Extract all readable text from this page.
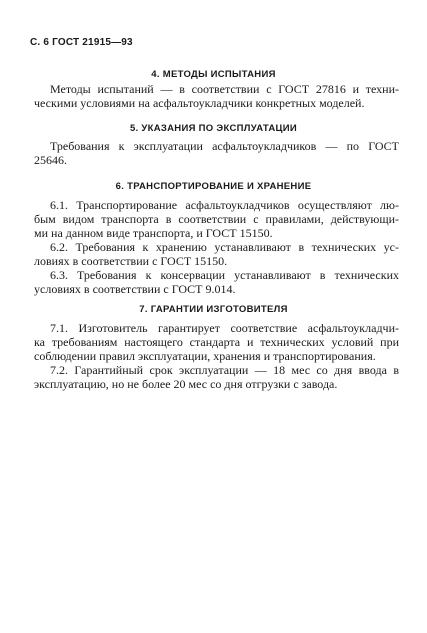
С. 6 ГОСТ 21915—93
4. МЕТОДЫ ИСПЫТАНИЯ
Методы испытаний — в соответствии с ГОСТ 27816 и техни-
ческими условиями на асфальтоукладчики конкретных моделей.
5. УКАЗАНИЯ ПО ЭКСПЛУАТАЦИИ
Требования к эксплуатации асфальтоукладчиков — по ГОСТ
25646.
6. ТРАНСПОРТИРОВАНИЕ И ХРАНЕНИЕ
6.1. Транспортирование асфальтоукладчиков осуществляют лю-
бым видом транспорта в соответствии с правилами, действующи-
ми на данном виде транспорта, и ГОСТ 15150.
6.2. Требования к хранению устанавливают в технических ус-
ловиях в соответствии с ГОСТ 15150.
6.3. Требования к консервации устанавливают в технических
условиях в соответствии с ГОСТ 9.014.
7. ГАРАНТИИ ИЗГОТОВИТЕЛЯ
7.1. Изготовитель гарантирует соответствие асфальтоукладчи-
ка требованиям настоящего стандарта и технических условий при
соблюдении правил эксплуатации, хранения и транспортирования.
7.2. Гарантийный срок эксплуатации — 18 мес со дня ввода в
эксплуатацию, но не более 20 мес со дня отгрузки с завода.
